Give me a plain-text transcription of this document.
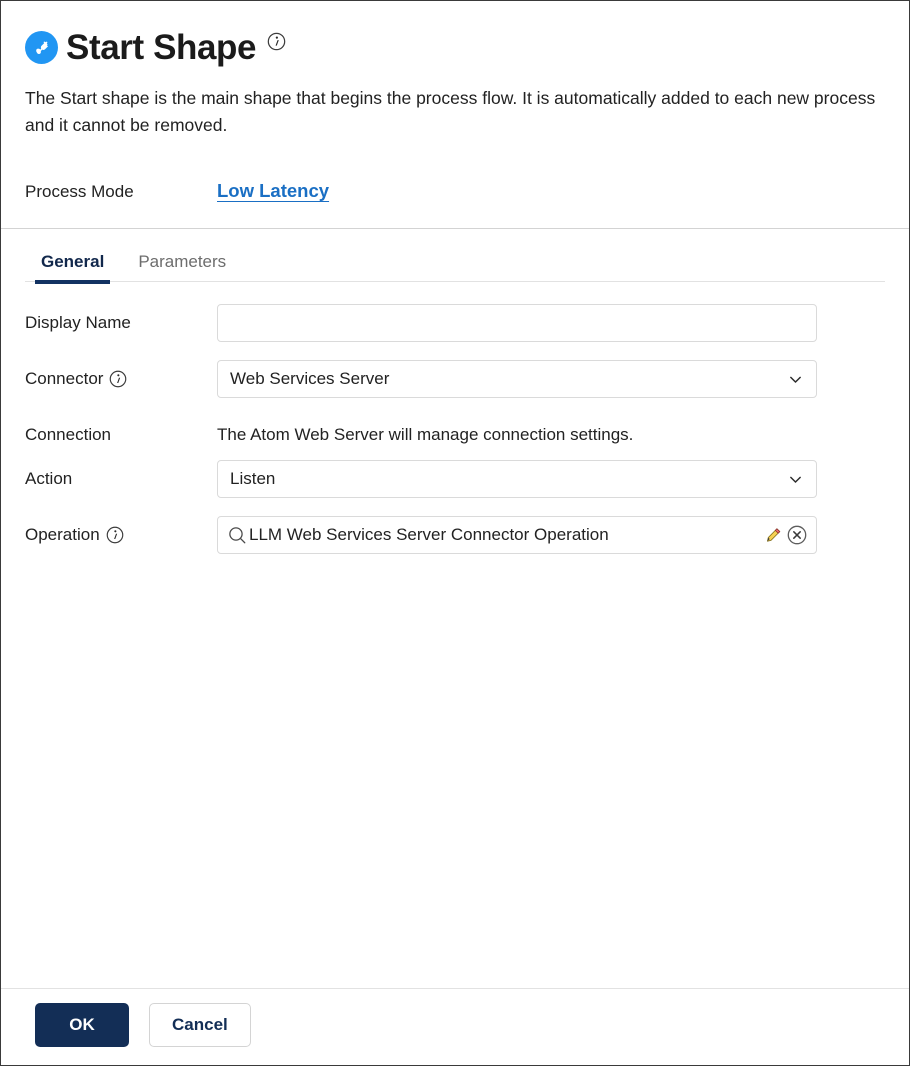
Start Shape
The Start shape is the main shape that begins the process flow. It is automatically added to each new process and it cannot be removed.
Process Mode	Low Latency
General	Parameters
Display Name
Connector	Web Services Server
Connection	The Atom Web Server will manage connection settings.
Action	Listen
Operation	LLM Web Services Server Connector Operation
OK	Cancel
